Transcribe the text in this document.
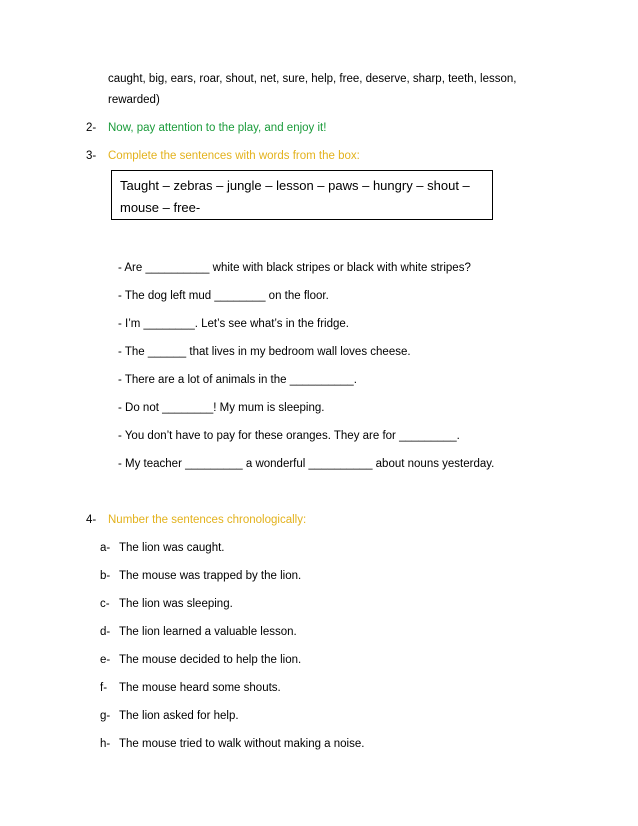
caught, big, ears, roar, shout, net, sure, help, free, deserve, sharp, teeth, lesson,
rewarded)
2- Now, pay attention to the play, and enjoy it!
3- Complete the sentences with words from the box:
Taught – zebras – jungle – lesson – paws – hungry – shout –
mouse – free-
- Are __________ white with black stripes or black with white stripes?
- The dog left mud ________ on the floor.
- I’m ________. Let’s see what’s in the fridge.
- The ______ that lives in my bedroom wall loves cheese.
- There are a lot of animals in the __________.
- Do not ________! My mum is sleeping.
- You don’t have to pay for these oranges. They are for _________.
- My teacher _________ a wonderful __________ about nouns yesterday.
4- Number the sentences chronologically:
a- The lion was caught.
b- The mouse was trapped by the lion.
c- The lion was sleeping.
d- The lion learned a valuable lesson.
e- The mouse decided to help the lion.
f- The mouse heard some shouts.
g- The lion asked for help.
h- The mouse tried to walk without making a noise.
